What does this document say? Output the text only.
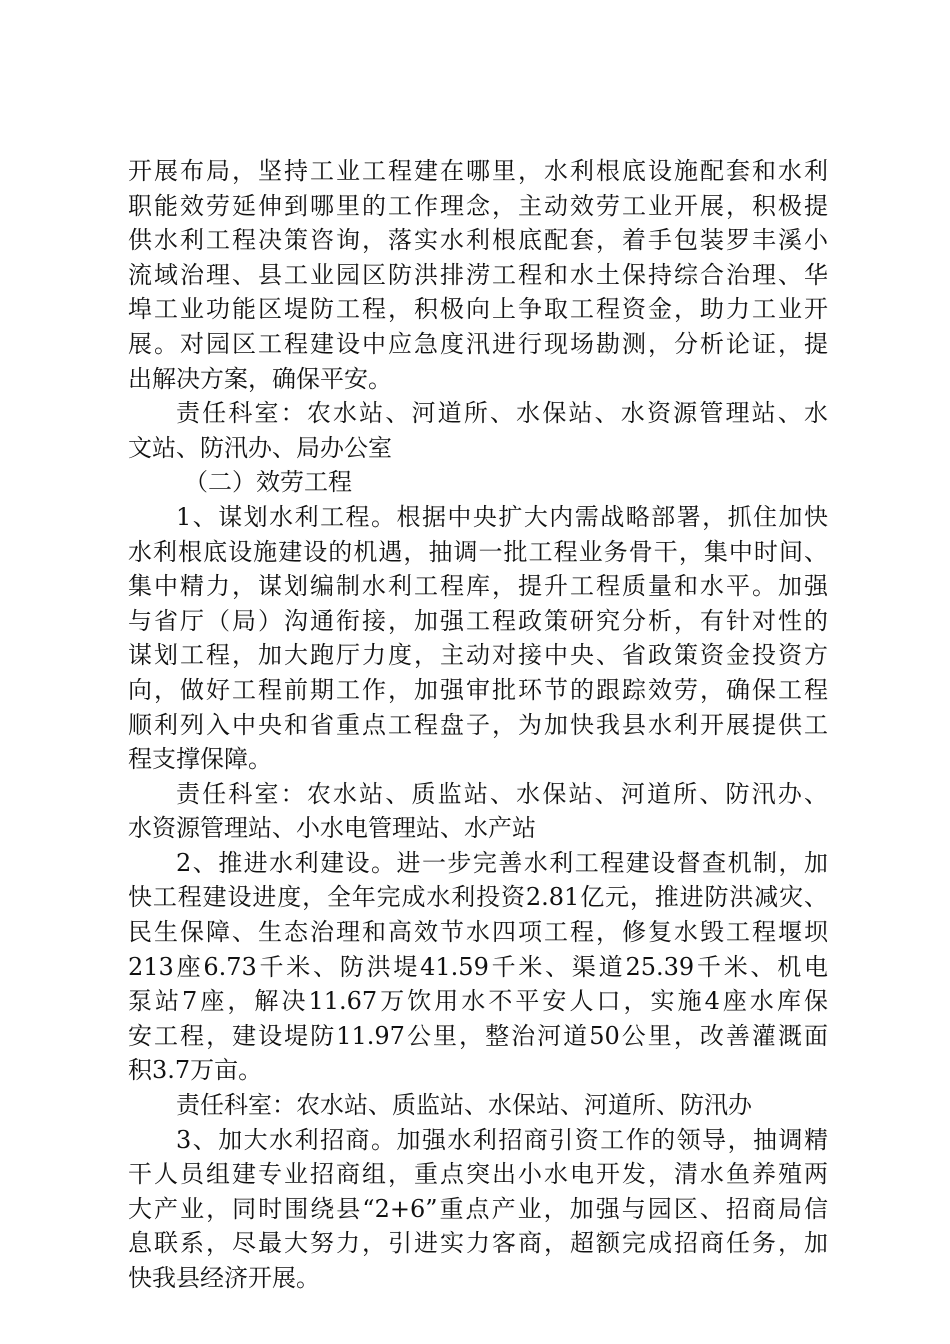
开展布局，坚持工业工程建在哪里，水利根底设施配套和水利
职能效劳延伸到哪里的工作理念，主动效劳工业开展，积极提
供水利工程决策咨询，落实水利根底配套，着手包装罗丰溪小
流域治理、县工业园区防洪排涝工程和水土保持综合治理、华
埠工业功能区堤防工程，积极向上争取工程资金，助力工业开
展。对园区工程建设中应急度汛进行现场勘测，分析论证，提
出解决方案，确保平安。
责任科室：农水站、河道所、水保站、水资源管理站、水
文站、防汛办、局办公室
（二）效劳工程
1、谋划水利工程。根据中央扩大内需战略部署，抓住加快
水利根底设施建设的机遇，抽调一批工程业务骨干，集中时间、
集中精力，谋划编制水利工程库，提升工程质量和水平。加强
与省厅（局）沟通衔接，加强工程政策研究分析，有针对性的
谋划工程，加大跑厅力度，主动对接中央、省政策资金投资方
向，做好工程前期工作，加强审批环节的跟踪效劳，确保工程
顺利列入中央和省重点工程盘子，为加快我县水利开展提供工
程支撑保障。
责任科室：农水站、质监站、水保站、河道所、防汛办、
水资源管理站、小水电管理站、水产站
2、推进水利建设。进一步完善水利工程建设督查机制，加
快工程建设进度，全年完成水利投资2.81亿元，推进防洪减灾、
民生保障、生态治理和高效节水四项工程，修复水毁工程堰坝
213座6.73千米、防洪堤41.59千米、渠道25.39千米、机电
泵站7座，解决11.67万饮用水不平安人口，实施4座水库保
安工程，建设堤防11.97公里，整治河道50公里，改善灌溉面
积3.7万亩。
责任科室：农水站、质监站、水保站、河道所、防汛办
3、加大水利招商。加强水利招商引资工作的领导，抽调精
干人员组建专业招商组，重点突出小水电开发，清水鱼养殖两
大产业，同时围绕县“2+6”重点产业，加强与园区、招商局信
息联系，尽最大努力，引进实力客商，超额完成招商任务，加
快我县经济开展。
